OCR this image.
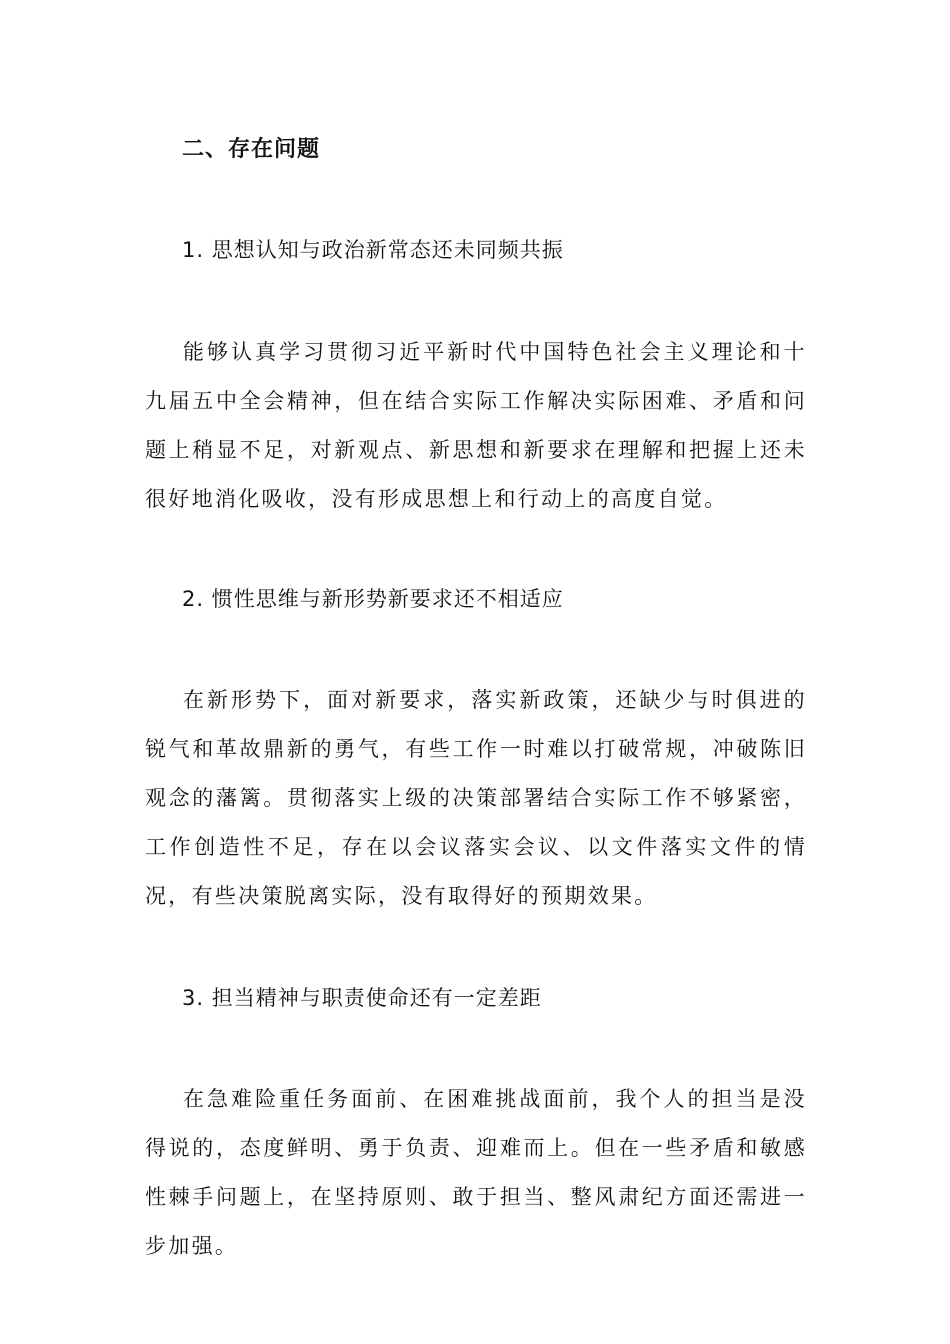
二、存在问题
1. 思想认知与政治新常态还未同频共振
能够认真学习贯彻习近平新时代中国特色社会主义理论和十九届五中全会精神，但在结合实际工作解决实际困难、矛盾和问题上稍显不足，对新观点、新思想和新要求在理解和把握上还未很好地消化吸收，没有形成思想上和行动上的高度自觉。
2. 惯性思维与新形势新要求还不相适应
在新形势下，面对新要求，落实新政策，还缺少与时俱进的锐气和革故鼎新的勇气，有些工作一时难以打破常规，冲破陈旧观念的藩篱。贯彻落实上级的决策部署结合实际工作不够紧密，工作创造性不足，存在以会议落实会议、以文件落实文件的情况，有些决策脱离实际，没有取得好的预期效果。
3. 担当精神与职责使命还有一定差距
在急难险重任务面前、在困难挑战面前，我个人的担当是没得说的，态度鲜明、勇于负责、迎难而上。但在一些矛盾和敏感性棘手问题上，在坚持原则、敢于担当、整风肃纪方面还需进一步加强。
